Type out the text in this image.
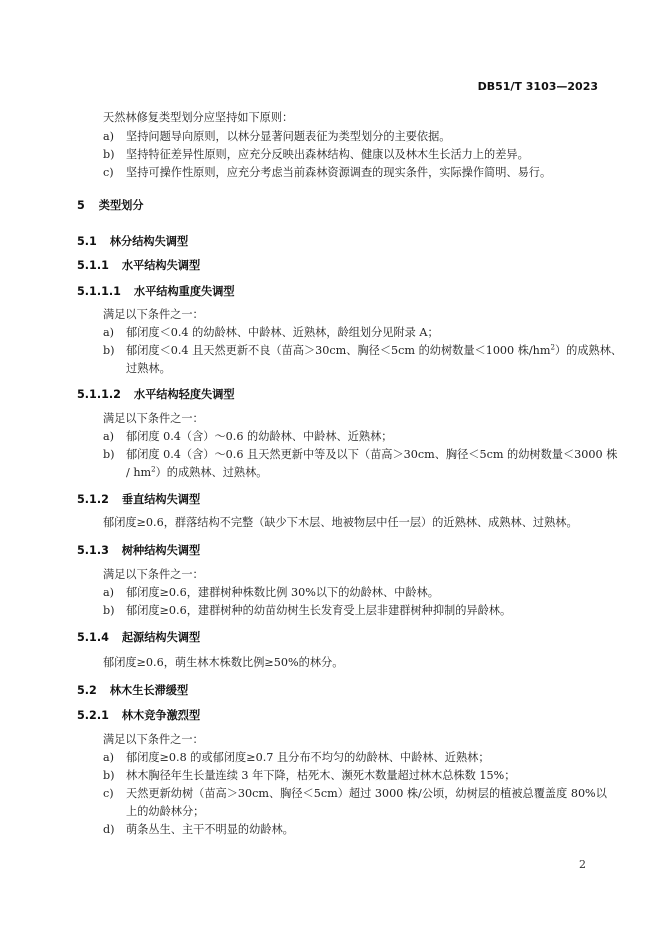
DB51/T 3103—2023
天然林修复类型划分应坚持如下原则：
a) 坚持问题导向原则，以林分显著问题表征为类型划分的主要依据。
b) 坚持特征差异性原则，应充分反映出森林结构、健康以及林木生长活力上的差异。
c) 坚持可操作性原则，应充分考虑当前森林资源调查的现实条件，实际操作简明、易行。
5 类型划分
5.1 林分结构失调型
5.1.1 水平结构失调型
5.1.1.1 水平结构重度失调型
满足以下条件之一：
a) 郁闭度＜0.4 的幼龄林、中龄林、近熟林，龄组划分见附录 A；
b) 郁闭度＜0.4 且天然更新不良（苗高＞30cm、胸径＜5cm 的幼树数量＜1000 株$/hm^2$）的成熟林、
过熟林。
5.1.1.2 水平结构轻度失调型
满足以下条件之一：
a) 郁闭度 0.4（含）～0.6 的幼龄林、中龄林、近熟林；
b) 郁闭度 0.4（含）～0.6 且天然更新中等及以下（苗高＞30cm、胸径＜5cm 的幼树数量＜3000 株
/ $hm^2$）的成熟林、过熟林。
5.1.2 垂直结构失调型
郁闭度≥0.6，群落结构不完整（缺少下木层、地被物层中任一层）的近熟林、成熟林、过熟林。
5.1.3 树种结构失调型
满足以下条件之一：
a) 郁闭度≥0.6，建群树种株数比例 30%以下的幼龄林、中龄林。
b) 郁闭度≥0.6，建群树种的幼苗幼树生长发育受上层非建群树种抑制的异龄林。
5.1.4 起源结构失调型
郁闭度≥0.6，萌生林木株数比例≥50%的林分。
5.2 林木生长滞缓型
5.2.1 林木竞争激烈型
满足以下条件之一：
a) 郁闭度≥0.8 的或郁闭度≥0.7 且分布不均匀的幼龄林、中龄林、近熟林；
b) 林木胸径年生长量连续 3 年下降，枯死木、濒死木数量超过林木总株数 15%；
c) 天然更新幼树（苗高＞30cm、胸径＜5cm）超过 3000 株/公顷，幼树层的植被总覆盖度 80%以
上的幼龄林分；
d) 萌条丛生、主干不明显的幼龄林。
2
